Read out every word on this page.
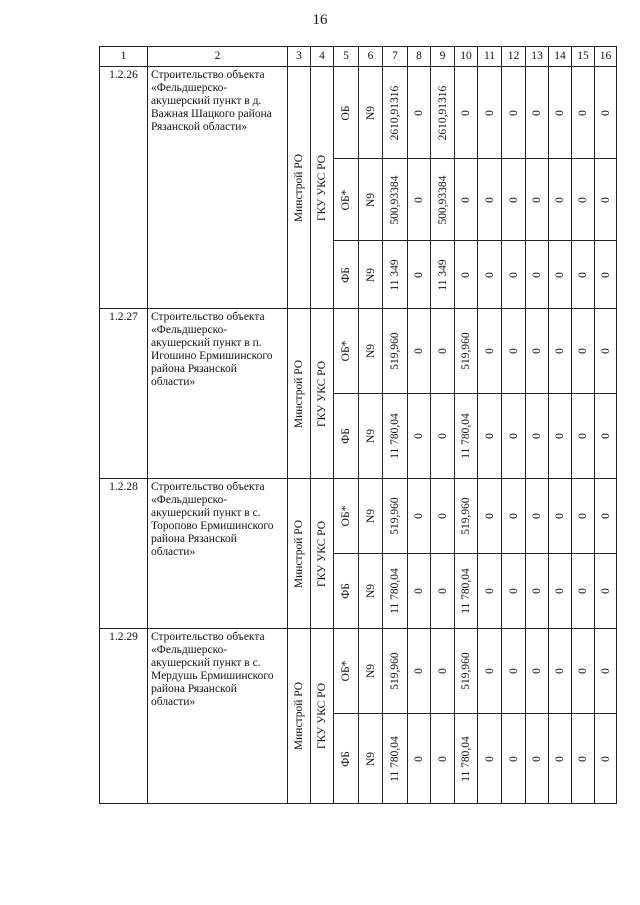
16
1	2	3	4	5	6	7	8	9	10	11	12	13	14	15	16
1.2.26	Строительство объекта «Фельдшерско-акушерский пункт в д. Важная Шацкого района Рязанской области»	Минстрой РО	ГКУ УКС РО	ОБ	N9	2610,91316	0	2610,91316	0	0	0	0	0	0	0

				ОБ*	N9	500,93384	0	500,93384	0	0	0	0	0	0	0

				ФБ	N9	11 349	0	11 349	0	0	0	0	0	0	0

1.2.27	Строительство объекта «Фельдшерско-акушерский пункт в п. Игошино Ермишинского района Рязанской области»	Минстрой РО	ГКУ УКС РО	ОБ*	N9	519,960	0	0	519,960	0	0	0	0	0	0

				ФБ	N9	11 780,04	0	0	11 780,04	0	0	0	0	0	0

1.2.28	Строительство объекта «Фельдшерско-акушерский пункт в с. Торопово Ермишинского района Рязанской области»	Минстрой РО	ГКУ УКС РО	ОБ*	N9	519,960	0	0	519,960	0	0	0	0	0	0

				ФБ	N9	11 780,04	0	0	11 780,04	0	0	0	0	0	0

1.2.29	Строительство объекта «Фельдшерско-акушерский пункт в с. Мердушь Ермишинского района Рязанской области»	Минстрой РО	ГКУ УКС РО	ОБ*	N9	519,960	0	0	519,960	0	0	0	0	0	0

				ФБ	N9	11 780,04	0	0	11 780,04	0	0	0	0	0	0
